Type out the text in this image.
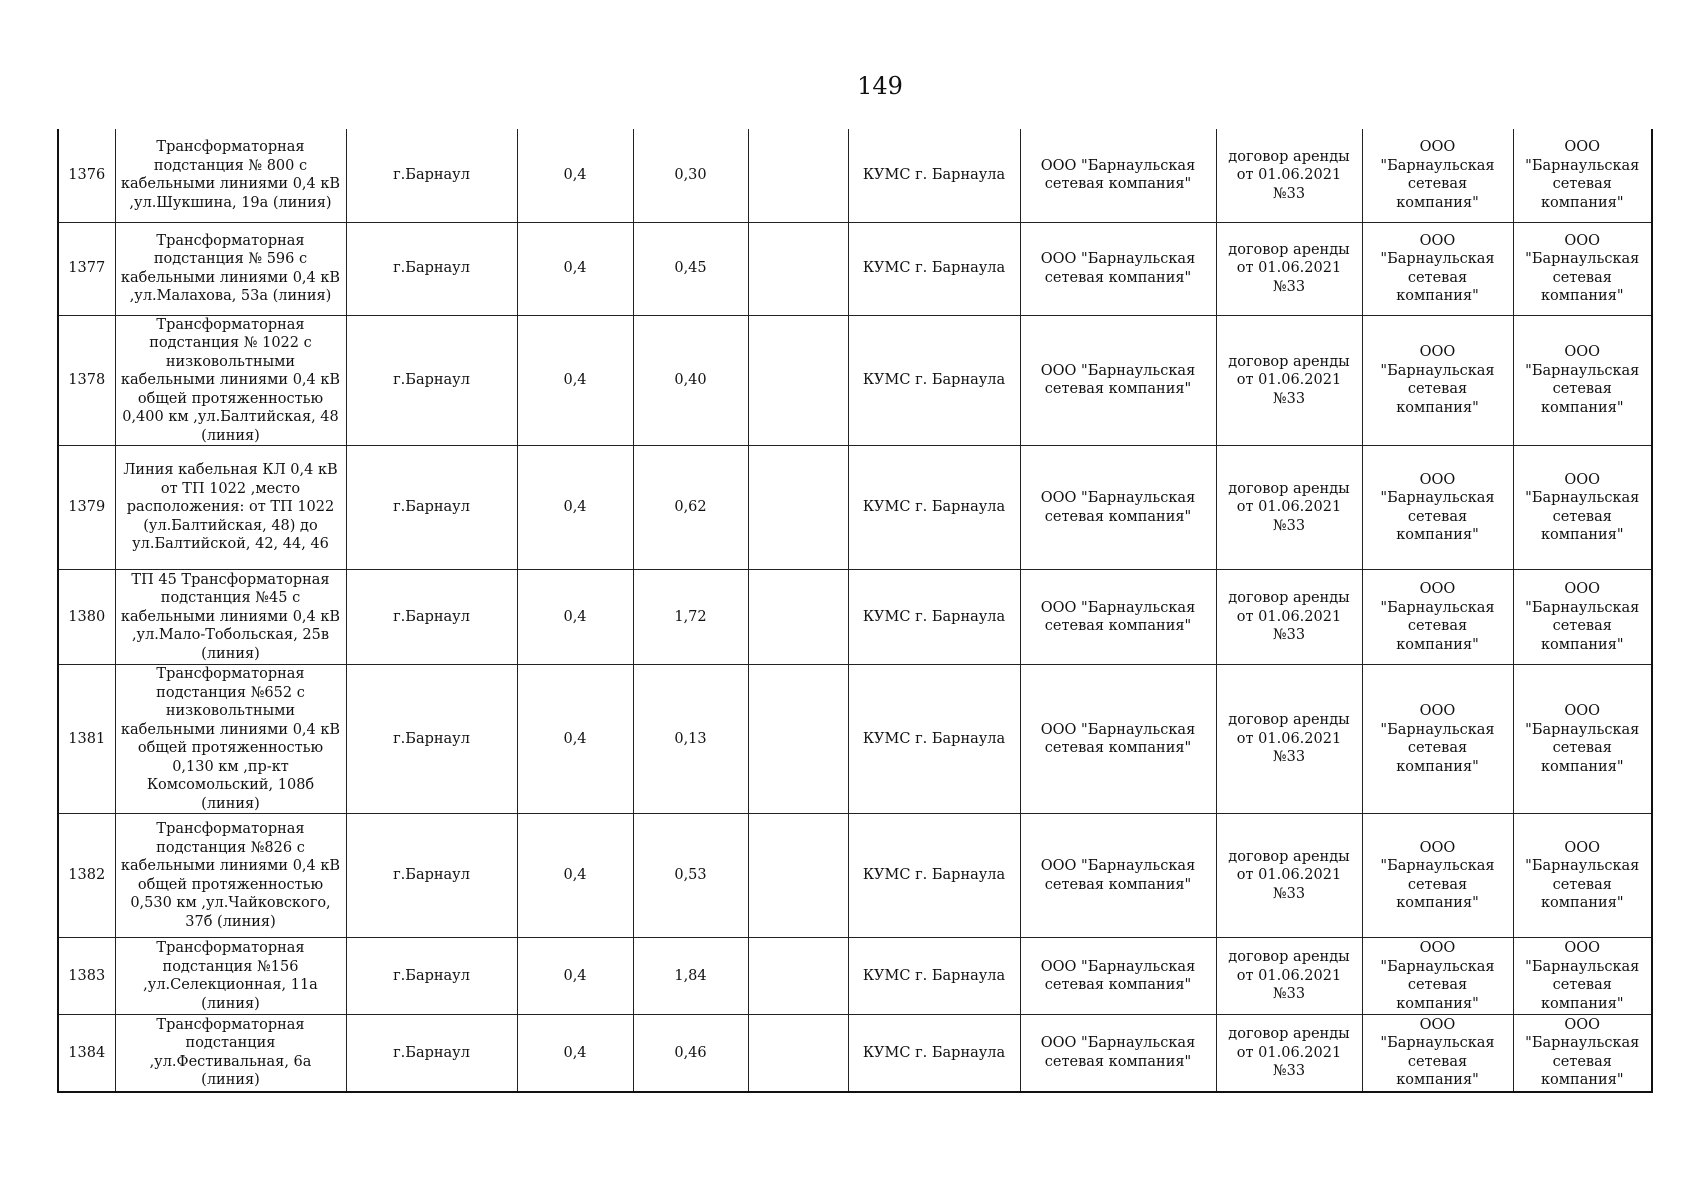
149
1376	Трансформаторная подстанция № 800 с кабельными линиями 0,4 кВ ,ул.Шукшина, 19а (линия)	г.Барнаул	0,4	0,30		КУМС г. Барнаула	ООО "Барнаульская сетевая компания"	договор аренды от 01.06.2021 №33	ООО "Барнаульская сетевая компания"	ООО "Барнаульская сетевая компания"

1377	Трансформаторная подстанция № 596 с кабельными линиями 0,4 кВ ,ул.Малахова, 53а (линия)	г.Барнаул	0,4	0,45		КУМС г. Барнаула	ООО "Барнаульская сетевая компания"	договор аренды от 01.06.2021 №33	ООО "Барнаульская сетевая компания"	ООО "Барнаульская сетевая компания"

1378	Трансформаторная подстанция № 1022 с низковольтными кабельными линиями 0,4 кВ общей протяженностью 0,400 км ,ул.Балтийская, 48 (линия)	г.Барнаул	0,4	0,40		КУМС г. Барнаула	ООО "Барнаульская сетевая компания"	договор аренды от 01.06.2021 №33	ООО "Барнаульская сетевая компания"	ООО "Барнаульская сетевая компания"

1379	Линия кабельная КЛ 0,4 кВ от ТП 1022 ,место расположения: от ТП 1022 (ул.Балтийская, 48) до ул.Балтийской, 42, 44, 46	г.Барнаул	0,4	0,62		КУМС г. Барнаула	ООО "Барнаульская сетевая компания"	договор аренды от 01.06.2021 №33	ООО "Барнаульская сетевая компания"	ООО "Барнаульская сетевая компания"

1380	ТП 45 Трансформаторная подстанция №45 с кабельными линиями 0,4 кВ ,ул.Мало-Тобольская, 25в (линия)	г.Барнаул	0,4	1,72		КУМС г. Барнаула	ООО "Барнаульская сетевая компания"	договор аренды от 01.06.2021 №33	ООО "Барнаульская сетевая компания"	ООО "Барнаульская сетевая компания"

1381	Трансформаторная подстанция №652 с низковольтными кабельными линиями 0,4 кВ общей протяженностью 0,130 км ,пр-кт Комсомольский, 108б (линия)	г.Барнаул	0,4	0,13		КУМС г. Барнаула	ООО "Барнаульская сетевая компания"	договор аренды от 01.06.2021 №33	ООО "Барнаульская сетевая компания"	ООО "Барнаульская сетевая компания"

1382	Трансформаторная подстанция №826 с кабельными линиями 0,4 кВ общей протяженностью 0,530 км ,ул.Чайковского, 37б (линия)	г.Барнаул	0,4	0,53		КУМС г. Барнаула	ООО "Барнаульская сетевая компания"	договор аренды от 01.06.2021 №33	ООО "Барнаульская сетевая компания"	ООО "Барнаульская сетевая компания"

1383	Трансформаторная подстанция №156 ,ул.Селекционная, 11а (линия)	г.Барнаул	0,4	1,84		КУМС г. Барнаула	ООО "Барнаульская сетевая компания"	договор аренды от 01.06.2021 №33	ООО "Барнаульская сетевая компания"	ООО "Барнаульская сетевая компания"

1384	Трансформаторная подстанция ,ул.Фестивальная, 6а (линия)	г.Барнаул	0,4	0,46		КУМС г. Барнаула	ООО "Барнаульская сетевая компания"	договор аренды от 01.06.2021 №33	ООО "Барнаульская сетевая компания"	ООО "Барнаульская сетевая компания"
